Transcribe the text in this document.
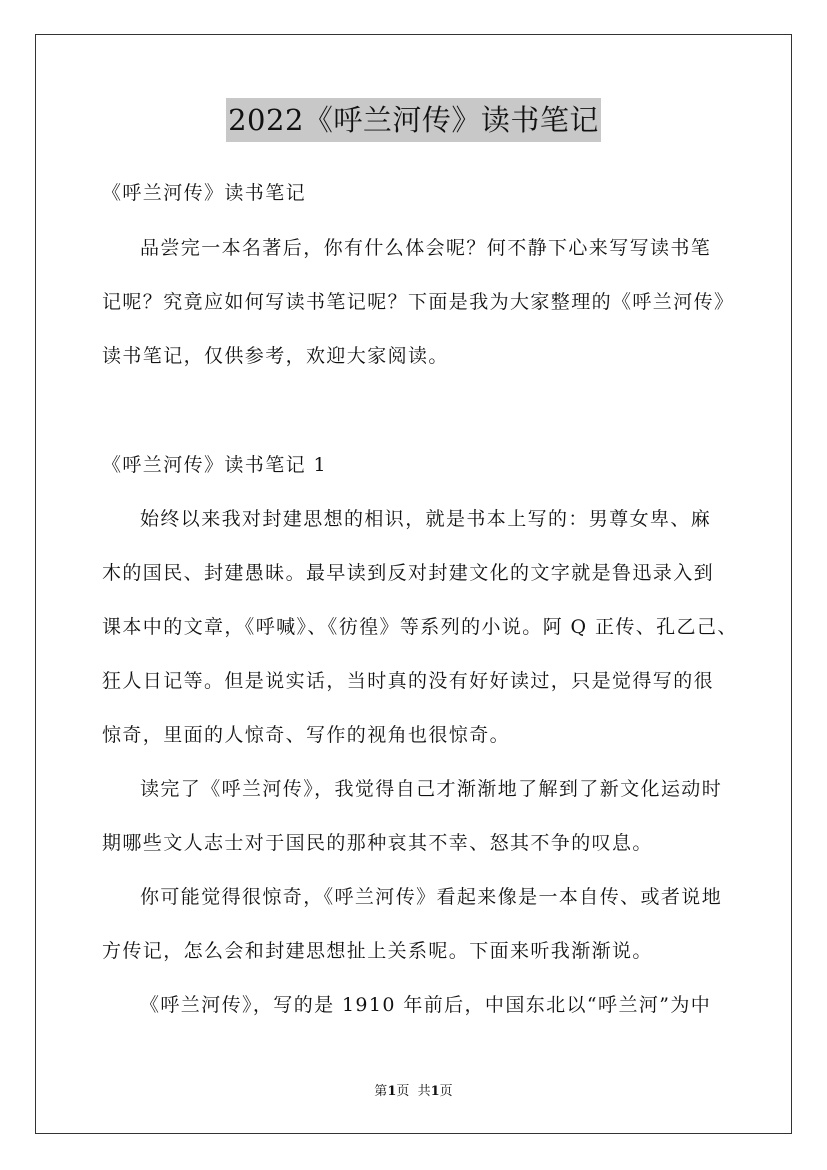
2022《呼兰河传》读书笔记
《呼兰河传》读书笔记
品尝完一本名著后，你有什么体会呢？何不静下心来写写读书笔
记呢？究竟应如何写读书笔记呢？下面是我为大家整理的《呼兰河传》
读书笔记，仅供参考，欢迎大家阅读。
《呼兰河传》读书笔记 1
始终以来我对封建思想的相识，就是书本上写的：男尊女卑、麻
木的国民、封建愚昧。最早读到反对封建文化的文字就是鲁迅录入到
课本中的文章，《呼喊》、《彷徨》等系列的小说。阿 Q 正传、孔乙己、
狂人日记等。但是说实话，当时真的没有好好读过，只是觉得写的很
惊奇，里面的人惊奇、写作的视角也很惊奇。
读完了《呼兰河传》，我觉得自己才渐渐地了解到了新文化运动时
期哪些文人志士对于国民的那种哀其不幸、怒其不争的叹息。
你可能觉得很惊奇，《呼兰河传》看起来像是一本自传、或者说地
方传记，怎么会和封建思想扯上关系呢。下面来听我渐渐说。
《呼兰河传》，写的是 1910 年前后，中国东北以“呼兰河”为中
第1页  共1页
